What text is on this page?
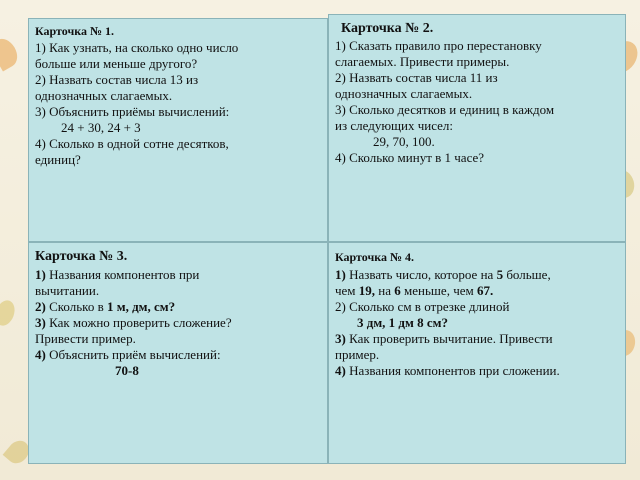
Карточка № 1.
1) Как узнать, на сколько одно число
больше или меньше другого?
2) Назвать состав числа 13 из
однозначных слагаемых.
3) Объяснить приёмы вычислений:
24 + 30, 24 + 3
4) Сколько в одной сотне десятков,
единиц?
Карточка № 2.
1) Сказать правило про перестановку
слагаемых. Привести примеры.
2) Назвать состав числа 11 из
однозначных слагаемых.
3) Сколько десятков и единиц в каждом
из следующих чисел:
29, 70, 100.
4) Сколько минут в 1 часе?
Карточка № 3.
1) Названия компонентов при
вычитании.
2) Сколько в 1 м, дм, см?
3) Как можно проверить сложение?
Привести пример.
4) Объяснить приём вычислений:
70-8
Карточка № 4.
1) Назвать число, которое на 5 больше,
чем 19, на 6 меньше, чем 67.
2) Сколько см в отрезке длиной
3 дм, 1 дм 8 см?
3) Как проверить вычитание. Привести
пример.
4) Названия компонентов при сложении.
